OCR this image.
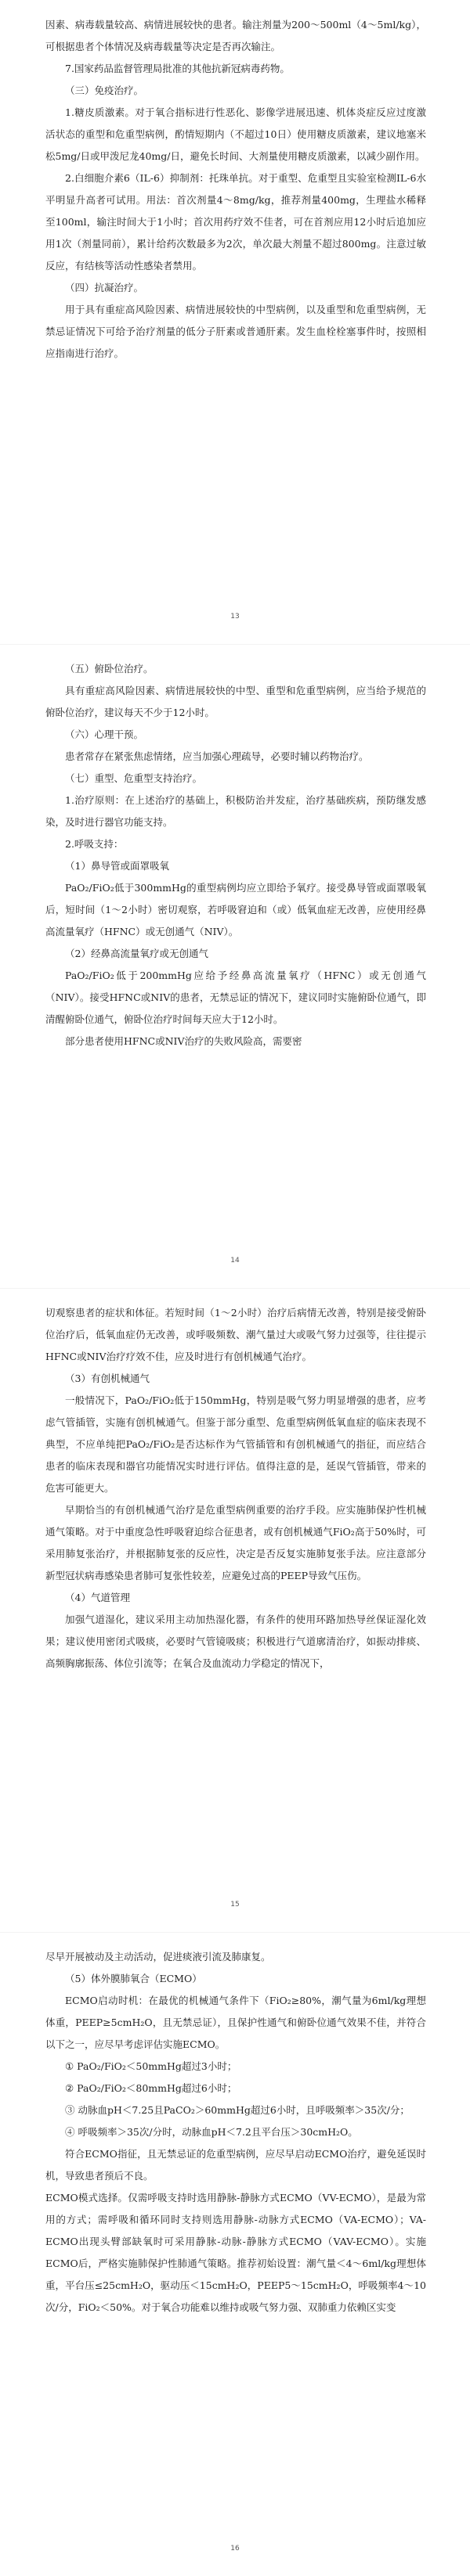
因素、病毒载量较高、病情进展较快的患者。输注剂量为200～500ml（4～5ml/kg），可根据患者个体情况及病毒载量等决定是否再次输注。

7.国家药品监督管理局批准的其他抗新冠病毒药物。

（三）免疫治疗。

1.糖皮质激素。对于氧合指标进行性恶化、影像学进展迅速、机体炎症反应过度激活状态的重型和危重型病例，酌情短期内（不超过10日）使用糖皮质激素，建议地塞米松5mg/日或甲泼尼龙40mg/日，避免长时间、大剂量使用糖皮质激素，以减少副作用。

2.白细胞介素6（IL-6）抑制剂：托珠单抗。对于重型、危重型且实验室检测IL-6水平明显升高者可试用。用法：首次剂量4～8mg/kg，推荐剂量400mg，生理盐水稀释至100ml，输注时间大于1小时；首次用药疗效不佳者，可在首剂应用12小时后追加应用1次（剂量同前），累计给药次数最多为2次，单次最大剂量不超过800mg。注意过敏反应，有结核等活动性感染者禁用。

（四）抗凝治疗。

用于具有重症高风险因素、病情进展较快的中型病例，以及重型和危重型病例，无禁忌证情况下可给予治疗剂量的低分子肝素或普通肝素。发生血栓栓塞事件时，按照相应指南进行治疗。

13

（五）俯卧位治疗。

具有重症高风险因素、病情进展较快的中型、重型和危重型病例，应当给予规范的俯卧位治疗，建议每天不少于12小时。

（六）心理干预。

患者常存在紧张焦虑情绪，应当加强心理疏导，必要时辅以药物治疗。

（七）重型、危重型支持治疗。

1.治疗原则：在上述治疗的基础上，积极防治并发症，治疗基础疾病，预防继发感染，及时进行器官功能支持。

2.呼吸支持：

（1）鼻导管或面罩吸氧

PaO₂/FiO₂低于300mmHg的重型病例均应立即给予氧疗。接受鼻导管或面罩吸氧后，短时间（1～2小时）密切观察，若呼吸窘迫和（或）低氧血症无改善，应使用经鼻高流量氧疗（HFNC）或无创通气（NIV）。

（2）经鼻高流量氧疗或无创通气

PaO₂/FiO₂低于200mmHg应给予经鼻高流量氧疗（HFNC）或无创通气（NIV）。接受HFNC或NIV的患者，无禁忌证的情况下，建议同时实施俯卧位通气，即清醒俯卧位通气，俯卧位治疗时间每天应大于12小时。

部分患者使用HFNC或NIV治疗的失败风险高，需要密

14

切观察患者的症状和体征。若短时间（1～2小时）治疗后病情无改善，特别是接受俯卧位治疗后，低氧血症仍无改善，或呼吸频数、潮气量过大或吸气努力过强等，往往提示HFNC或NIV治疗疗效不佳，应及时进行有创机械通气治疗。

（3）有创机械通气

一般情况下，PaO₂/FiO₂低于150mmHg，特别是吸气努力明显增强的患者，应考虑气管插管，实施有创机械通气。但鉴于部分重型、危重型病例低氧血症的临床表现不典型，不应单纯把PaO₂/FiO₂是否达标作为气管插管和有创机械通气的指征，而应结合患者的临床表现和器官功能情况实时进行评估。值得注意的是，延误气管插管，带来的危害可能更大。

早期恰当的有创机械通气治疗是危重型病例重要的治疗手段。应实施肺保护性机械通气策略。对于中重度急性呼吸窘迫综合征患者，或有创机械通气FiO₂高于50%时，可采用肺复张治疗，并根据肺复张的反应性，决定是否反复实施肺复张手法。应注意部分新型冠状病毒感染患者肺可复张性较差，应避免过高的PEEP导致气压伤。

（4）气道管理

加强气道湿化，建议采用主动加热湿化器，有条件的使用环路加热导丝保证湿化效果；建议使用密闭式吸痰，必要时气管镜吸痰；积极进行气道廓清治疗，如振动排痰、高频胸廓振荡、体位引流等；在氧合及血流动力学稳定的情况下，

15

尽早开展被动及主动活动，促进痰液引流及肺康复。

（5）体外膜肺氧合（ECMO）

ECMO启动时机：在最优的机械通气条件下（FiO₂≥80%，潮气量为6ml/kg理想体重，PEEP≥5cmH₂O，且无禁忌证），且保护性通气和俯卧位通气效果不佳，并符合以下之一，应尽早考虑评估实施ECMO。

① PaO₂/FiO₂＜50mmHg超过3小时；

② PaO₂/FiO₂＜80mmHg超过6小时；

③ 动脉血pH＜7.25且PaCO₂＞60mmHg超过6小时，且呼吸频率＞35次/分；

④ 呼吸频率＞35次/分时，动脉血pH＜7.2且平台压＞30cmH₂O。

符合ECMO指征，且无禁忌证的危重型病例，应尽早启动ECMO治疗，避免延误时机，导致患者预后不良。

ECMO模式选择。仅需呼吸支持时选用静脉-静脉方式ECMO（VV-ECMO），是最为常用的方式；需呼吸和循环同时支持则选用静脉-动脉方式ECMO（VA-ECMO）；VA-ECMO出现头臂部缺氧时可采用静脉-动脉-静脉方式ECMO（VAV-ECMO）。实施ECMO后，严格实施肺保护性肺通气策略。推荐初始设置：潮气量＜4～6ml/kg理想体重，平台压≤25cmH₂O，驱动压＜15cmH₂O，PEEP5～15cmH₂O，呼吸频率4～10次/分，FiO₂＜50%。对于氧合功能难以维持或吸气努力强、双肺重力依赖区实变

16
